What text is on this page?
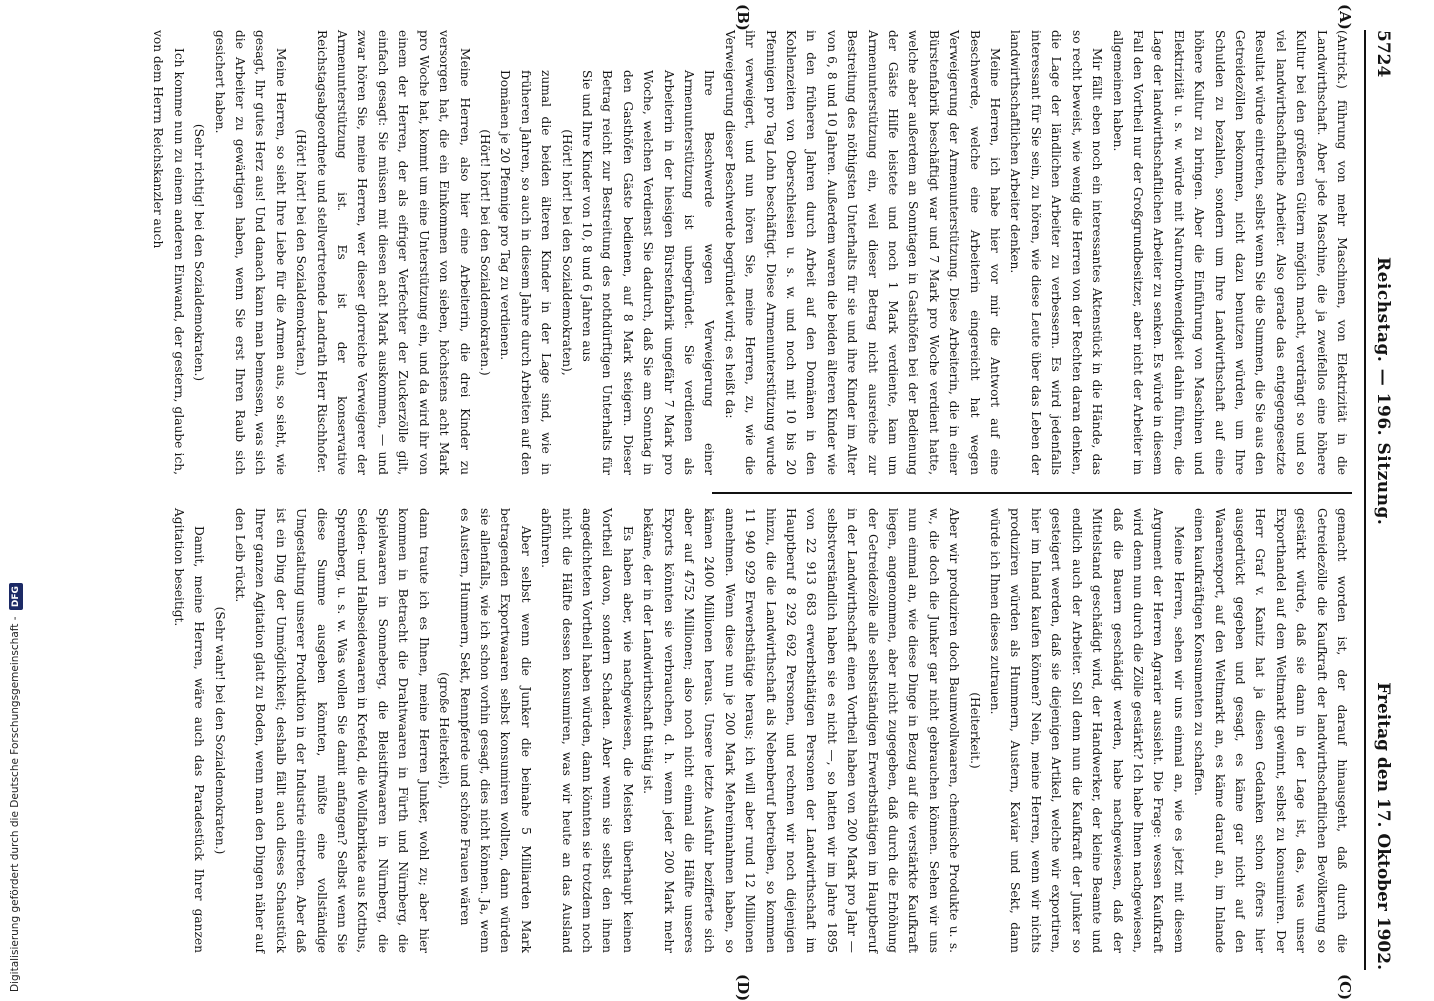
5724
Reichstag. — 196. Sitzung.
Freitag den 17. Oktober 1902.
(A)
(B)
(C)
(D)

(Antrick.) führung von mehr Maschinen, von Elektrizität in die Landwirthschaft. Aber jede Maschine, die ja zweifellos eine höhere Kultur bei den größeren Gütern möglich macht, verdrängt so und so viel landwirthschaftliche Arbeiter. Also gerade das entgegengesetzte Resultat würde eintreten, selbst wenn Sie die Summen, die Sie aus den Getreidezöllen bekommen, nicht dazu benutzen würden, um Ihre Schulden zu bezahlen, sondern um Ihre Landwirthschaft auf eine höhere Kultur zu bringen. Aber die Einführung von Maschinen und Elektrizität u. s. w. würde mit Naturnothwendigkeit dahin führen, die Lage der landwirthschaftlichen Arbeiter zu senken. Es würde in diesem Fall den Vortheil nur der Großgrundbesitzer, aber nicht der Arbeiter im allgemeinen haben.

Mir fällt eben noch ein interessantes Aktenstück in die Hände, das so recht beweist, wie wenig die Herren von der Rechten daran denken, die Lage der ländlichen Arbeiter zu verbessern. Es wird jedenfalls interessant für Sie sein, zu hören, wie diese Leute über das Leben der landwirthschaftlichen Arbeiter denken.

Meine Herren, ich habe hier vor mir die Antwort auf eine Beschwerde, welche eine Arbeiterin eingereicht hat wegen Verweigerung der Armenunterstützung. Diese Arbeiterin, die in einer Bürstenfabrik beschäftigt war und 7 Mark pro Woche verdient hatte, welche aber außerdem an Sonntagen in Gasthöfen bei der Bedienung der Gäste Hilfe leistete und noch 1 Mark verdiente, kam um Armenunterstützung ein, weil dieser Betrag nicht ausreiche zur Bestreitung des nöthigsten Unterhalts für sie und ihre Kinder im Alter von 6, 8 und 10 Jahren. Außerdem waren die beiden älteren Kinder wie in den früheren Jahren durch Arbeit auf den Domänen in den Kohlenzeiten von Oberschlesien u. s. w. und noch mit 10 bis 20 Pfennigen pro Tag Lohn beschäftigt. Diese Armenunterstützung wurde ihr verweigert, und nun hören Sie, meine Herren, zu, wie die Verweigerung dieser Beschwerde begründet wird; es heißt da:

Ihre Beschwerde wegen Verweigerung einer Armenunterstützung ist unbegründet. Sie verdienen als Arbeiterin in der hiesigen Bürstenfabrik ungefähr 7 Mark pro Woche, welchen Verdienst Sie dadurch, daß Sie am Sonntag in den Gasthöfen Gäste bedienen, auf 8 Mark steigern. Dieser Betrag reicht zur Bestreitung des nothdürftigen Unterhalts für Sie und Ihre Kinder von 10, 8 und 6 Jahren aus

(Hört! hört! bei den Sozialdemokraten),

zumal die beiden älteren Kinder in der Lage sind, wie in früheren Jahren, so auch in diesem Jahre durch Arbeiten auf den Domänen je 20 Pfennige pro Tag zu verdienen.

(Hört! hört! bei den Sozialdemokraten.)

Meine Herren, also hier eine Arbeiterin, die drei Kinder zu versorgen hat, die ein Einkommen von sieben, höchstens acht Mark pro Woche hat, kommt um eine Unterstützung ein, und da wird ihr von einem der Herren, der als eifriger Verfechter der Zuckerzölle gilt, einfach gesagt: Sie müssen mit diesen acht Mark auskommen, — und zwar hören Sie, meine Herren, wer dieser glorreiche Verweigerer der Armenunterstützung ist. Es ist der konservative Reichstagsabgeordnete und stellvertretende Landrath Herr Rischhofer.

(Hört! hört! bei den Sozialdemokraten.)

Meine Herren, so sieht Ihre Liebe für die Armen aus, so sieht, wie gesagt, Ihr gutes Herz aus! Und danach kann man bemessen, was sich die Arbeiter zu gewärtigen haben, wenn Sie erst Ihren Raub sich gesichert haben.

(Sehr richtig! bei den Sozialdemokraten.)

Ich komme nun zu einem anderen Einwand, der gestern, glaube ich, von dem Herrn Reichskanzler auch

gemacht worden ist, der darauf hinausgeht, daß durch die Getreidezölle die Kaufkraft der landwirthschaftlichen Bevölkerung so gestärkt würde, daß sie dann in der Lage ist, das, was unser Exporthandel auf dem Weltmarkt gewinnt, selbst zu konsumiren. Der Herr Graf v. Kanitz hat ja diesen Gedanken schon öfters hier ausgedrückt gegeben und gesagt, es käme gar nicht auf den Waarenexport, auf den Weltmarkt an, es käme darauf an, im Inlande einen kaufkräftigen Konsumenten zu schaffen.

Meine Herren, sehen wir uns einmal an, wie es jetzt mit diesem Argument der Herren Agrarier aussieht. Die Frage: wessen Kaufkraft wird denn nun durch die Zölle gestärkt? Ich habe Ihnen nachgewiesen, daß die Bauern geschädigt werden, habe nachgewiesen, daß der Mittelstand geschädigt wird, der Handwerker, der kleine Beamte und endlich auch der Arbeiter. Soll denn nun die Kaufkraft der Junker so gesteigert werden, daß sie diejenigen Artikel, welche wir exportiren, hier im Inland kaufen können? Nein, meine Herren, wenn wir nichts produziren würden als Hummern, Austern, Kaviar und Sekt, dann würde ich Ihnen dieses zutrauen.

(Heiterkeit.)

Aber wir produziren doch Baumwollwaaren, chemische Produkte u. s. w., die doch die Junker gar nicht gebrauchen können. Sehen wir uns nun einmal an, wie diese Dinge in Bezug auf die verstärkte Kaufkraft liegen, angenommen, aber nicht zugegeben, daß durch die Erhöhung der Getreidezölle alle selbstständigen Erwerbsthätigen im Hauptberuf in der Landwirthschaft einen Vortheil haben von 200 Mark pro Jahr — selbstverständlich haben sie es nicht —, so hatten wir im Jahre 1895 von 22 913 683 erwerbsthätigen Personen der Landwirthschaft im Hauptberuf 8 292 692 Personen, und rechnen wir noch diejenigen hinzu, die die Landwirthschaft als Nebenberuf betreiben, so kommen 11 940 929 Erwerbsthätige heraus; ich will aber rund 12 Millionen annehmen. Wenn diese nun je 200 Mark Mehreinnahmen haben, so kämen 2400 Millionen heraus. Unsere letzte Ausfuhr bezifferte sich aber auf 4752 Millionen; also noch nicht einmal die Hälfte unseres Exports könnten sie verbrauchen, d. h. wenn jeder 200 Mark mehr bekäme, der in der Landwirthschaft thätig ist.

Es haben aber, wie nachgewiesen, die Meisten überhaupt keinen Vortheil davon, sondern Schaden. Aber wenn sie selbst den ihnen angedichteten Vortheil haben würden, dann könnten sie trotzdem noch nicht die Hälfte dessen konsumiren, was wir heute an das Ausland abführen.

Aber selbst wenn die Junker die beinahe 5 Milliarden Mark betragenden Exportwaaren selbst konsumiren wollten, dann würden sie allenfalls, wie ich schon vorhin gesagt, dies nicht können. Ja, wenn es Austern, Hummern, Sekt, Rennpferde und schöne Frauen wären

(große Heiterkeit),

dann traute ich es Ihnen, meine Herren Junker, wohl zu; aber hier kommen in Betracht die Drahtwaaren in Fürth und Nürnberg, die Spielwaaren in Sonneberg, die Bleistiftwaaren in Nürnberg, die Seiden- und Halbseidewaaren in Krefeld, die Wollfabrikate aus Kottbus, Spremberg, u. s. w. Was wollen Sie damit anfangen? Selbst wenn Sie diese Summe ausgeben könnten, müßte eine vollständige Umgestaltung unserer Produktion in der Industrie eintreten. Aber daß ist ein Ding der Unmöglichkeit; deshalb fällt auch dieses Schaustück Ihrer ganzen Agitation glatt zu Boden, wenn man den Dingen näher auf den Leib rückt.

(Sehr wahr! bei den Sozialdemokraten.)

Damit, meine Herren, wäre auch das Paradestück Ihrer ganzen Agitation beseitigt.

Digitalisierung gefördert durch die Deutsche Forschungsgemeinschaft - DFG
